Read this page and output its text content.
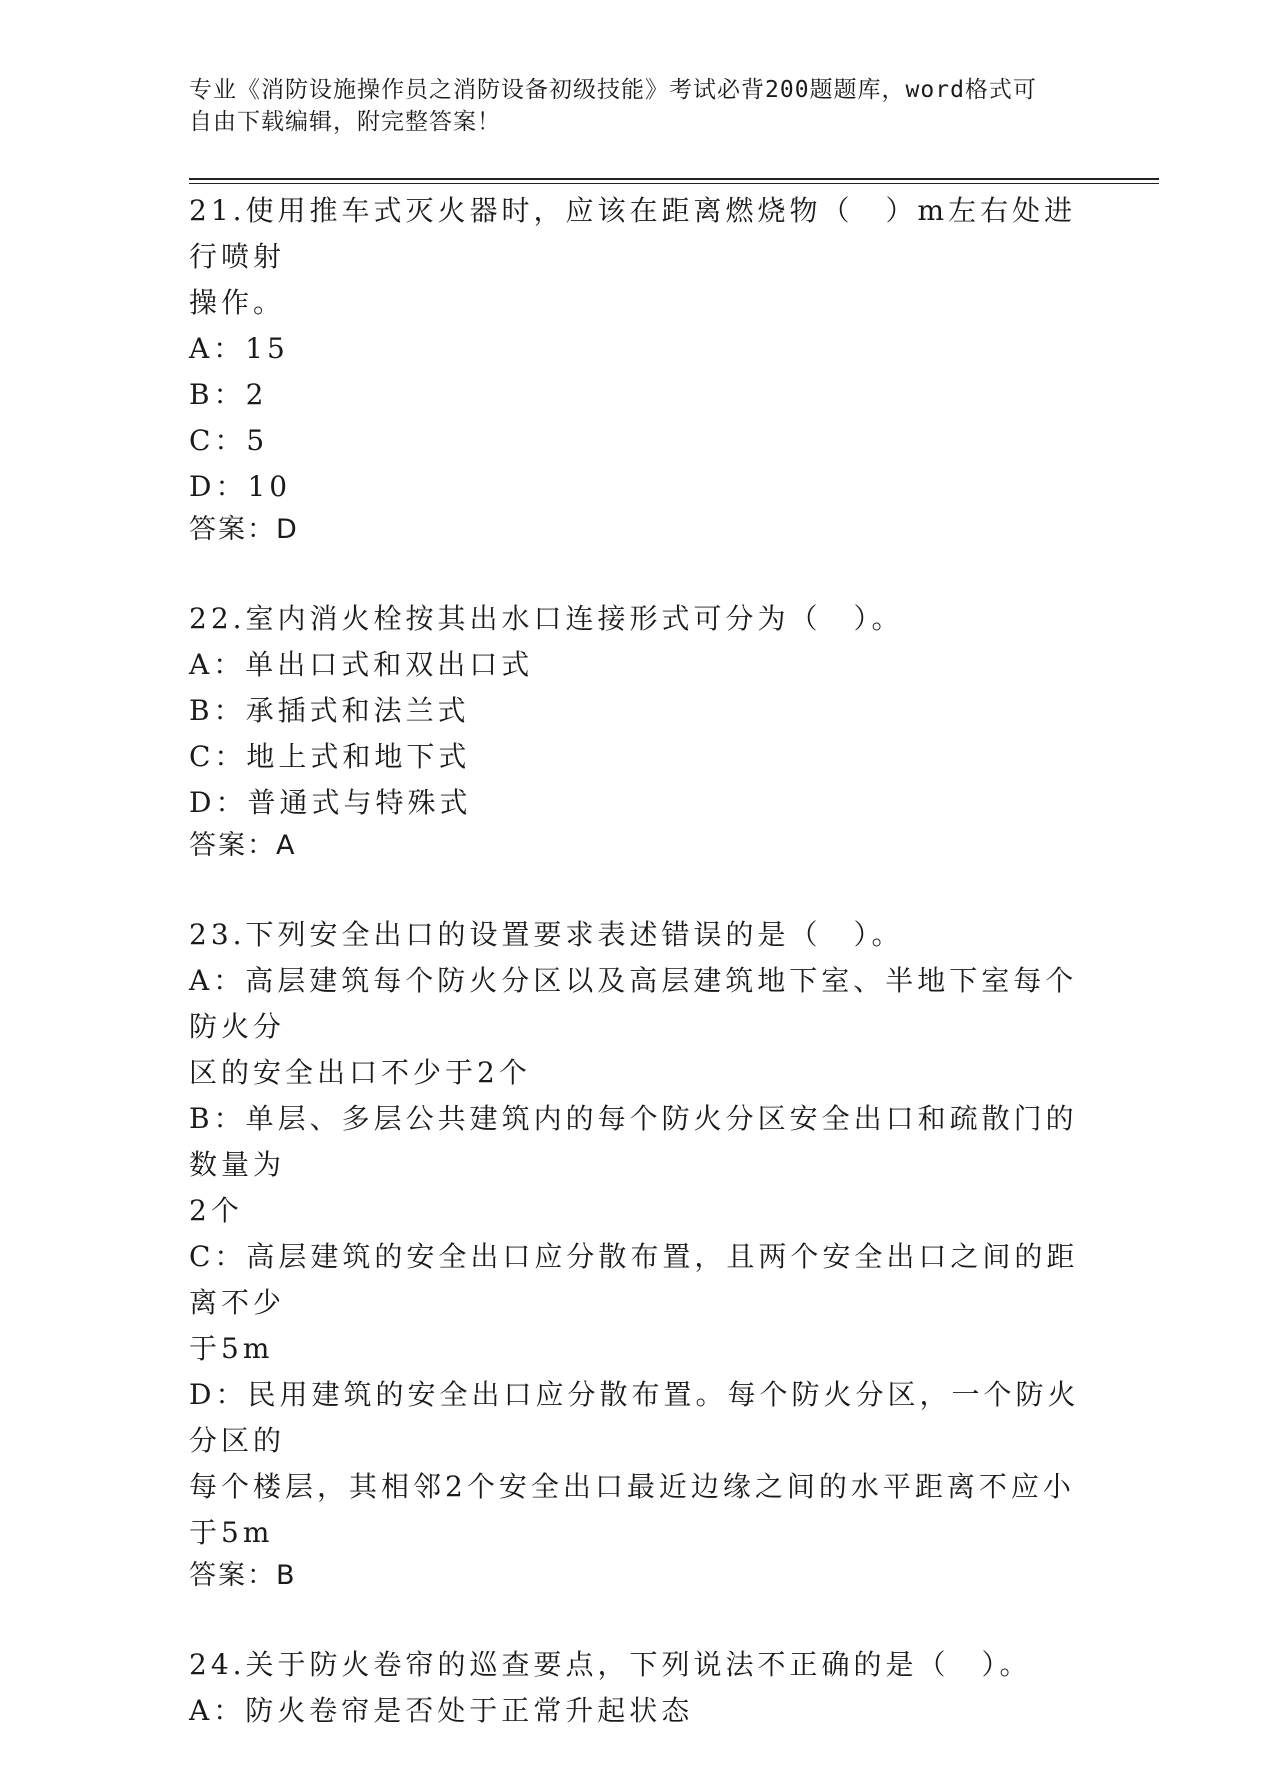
专业《消防设施操作员之消防设备初级技能》考试必背200题题库，word格式可
自由下载编辑，附完整答案！
21.使用推车式灭火器时，应该在距离燃烧物（　）m左右处进行喷射
操作。
A：15
B：2
C：5
D：10
答案：D
22.室内消火栓按其出水口连接形式可分为（　）。
A：单出口式和双出口式
B：承插式和法兰式
C：地上式和地下式
D：普通式与特殊式
答案：A
23.下列安全出口的设置要求表述错误的是（　）。
A：高层建筑每个防火分区以及高层建筑地下室、半地下室每个防火分
区的安全出口不少于2个
B：单层、多层公共建筑内的每个防火分区安全出口和疏散门的数量为
2个
C：高层建筑的安全出口应分散布置，且两个安全出口之间的距离不少
于5m
D：民用建筑的安全出口应分散布置。每个防火分区，一个防火分区的
每个楼层，其相邻2个安全出口最近边缘之间的水平距离不应小于5m
答案：B
24.关于防火卷帘的巡查要点，下列说法不正确的是（　）。
A：防火卷帘是否处于正常升起状态
